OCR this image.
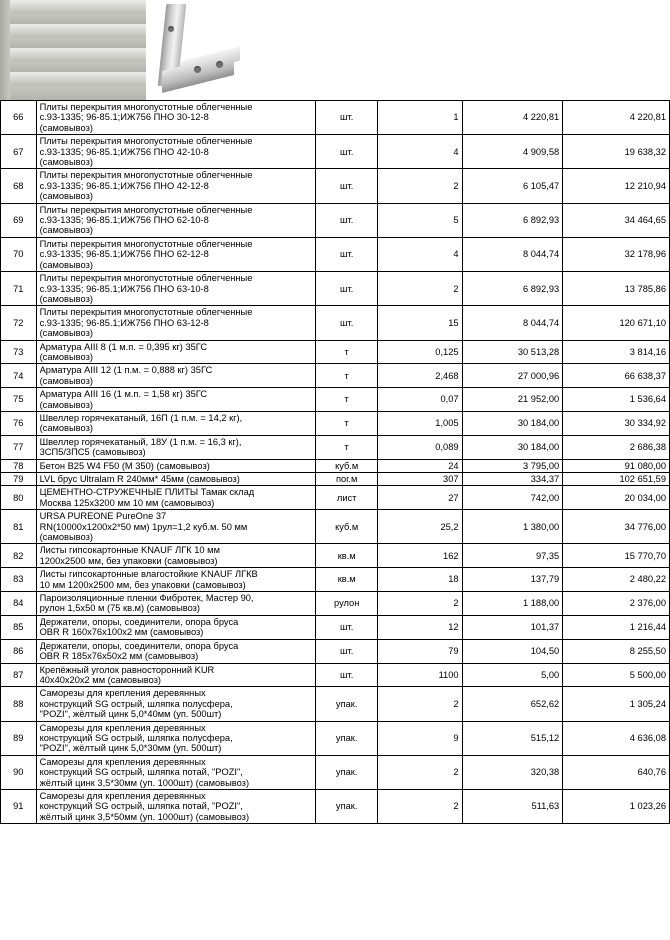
66	Плиты перекрытия многопустотные облегченные
с.93-1335; 96-85.1;ИЖ756 ПНО 30-12-8
(самовывоз)	шт.	1	4 220,81	4 220,81
67	Плиты перекрытия многопустотные облегченные
с.93-1335; 96-85.1;ИЖ756 ПНО 42-10-8
(самовывоз)	шт.	4	4 909,58	19 638,32
68	Плиты перекрытия многопустотные облегченные
с.93-1335; 96-85.1;ИЖ756 ПНО 42-12-8
(самовывоз)	шт.	2	6 105,47	12 210,94
69	Плиты перекрытия многопустотные облегченные
с.93-1335; 96-85.1;ИЖ756 ПНО 62-10-8
(самовывоз)	шт.	5	6 892,93	34 464,65
70	Плиты перекрытия многопустотные облегченные
с.93-1335; 96-85.1;ИЖ756 ПНО 62-12-8
(самовывоз)	шт.	4	8 044,74	32 178,96
71	Плиты перекрытия многопустотные облегченные
с.93-1335; 96-85.1;ИЖ756 ПНО 63-10-8
(самовывоз)	шт.	2	6 892,93	13 785,86
72	Плиты перекрытия многопустотные облегченные
с.93-1335; 96-85.1;ИЖ756 ПНО 63-12-8
(самовывоз)	шт.	15	8 044,74	120 671,10
73	Арматура AIII 8 (1 м.п. = 0,395 кг) 35ГС
(самовывоз)	т	0,125	30 513,28	3 814,16
74	Арматура AIII 12 (1 п.м. = 0,888 кг) 35ГС
(самовывоз)	т	2,468	27 000,96	66 638,37
75	Арматура AIII 16 (1 м.п. = 1,58 кг) 35ГС
(самовывоз)	т	0,07	21 952,00	1 536,64
76	Швеллер горячекатаный, 16П (1 п.м. = 14,2 кг),
(самовывоз)	т	1,005	30 184,00	30 334,92
77	Швеллер горячекатаный, 18У (1 п.м. = 16,3 кг),
3СП5/3ПС5 (самовывоз)	т	0,089	30 184,00	2 686,38
78	Бетон В25 W4 F50 (М 350) (самовывоз)	куб.м	24	3 795,00	91 080,00
79	LVL брус Ultralam R 240мм* 45мм (самовывоз)	пог.м	307	334,37	102 651,59
80	ЦЕМЕНТНО-СТРУЖЕЧНЫЕ ПЛИТЫ Тамак склад
Москва 125х3200 мм 10 мм (самовывоз)	лист	27	742,00	20 034,00
81	URSA PUREONE PureOne 37
RN(10000х1200х2*50 мм) 1рул=1,2 куб.м. 50 мм
(самовывоз)	куб.м	25,2	1 380,00	34 776,00
82	Листы гипсокартонные KNAUF ЛГК 10 мм
1200х2500 мм, без упаковки (самовывоз)	кв.м	162	97,35	15 770,70
83	Листы гипсокартонные влагостойкие KNAUF ЛГКВ
10 мм 1200х2500 мм, без упаковки (самовывоз)	кв.м	18	137,79	2 480,22
84	Пароизоляционные пленки Фибротек, Мастер 90,
рулон 1,5х50 м (75 кв.м) (самовывоз)	рулон	2	1 188,00	2 376,00
85	Держатели, опоры, соединители, опора бруса
OBR R 160х76х100х2 мм (самовывоз)	шт.	12	101,37	1 216,44
86	Держатели, опоры, соединители, опора бруса
OBR R 185х76х50х2 мм (самовывоз)	шт.	79	104,50	8 255,50
87	Крепёжный уголок равносторонний KUR
40х40х20х2 мм (самовывоз)	шт.	1100	5,00	5 500,00
88	Саморезы для крепления деревянных
конструкций SG острый, шляпка полусфера,
"POZI", жёлтый цинк 5,0*40мм (уп. 500шт)	упак.	2	652,62	1 305,24
89	Саморезы для крепления деревянных
конструкций SG острый, шляпка полусфера,
"POZI", жёлтый цинк 5,0*30мм (уп. 500шт)	упак.	9	515,12	4 636,08
90	Саморезы для крепления деревянных
конструкций SG острый, шляпка потай, "POZI",
жёлтый цинк 3,5*30мм (уп. 1000шт) (самовывоз)	упак.	2	320,38	640,76
91	Саморезы для крепления деревянных
конструкций SG острый, шляпка потай, "POZI",
жёлтый цинк 3,5*50мм (уп. 1000шт) (самовывоз)	упак.	2	511,63	1 023,26
